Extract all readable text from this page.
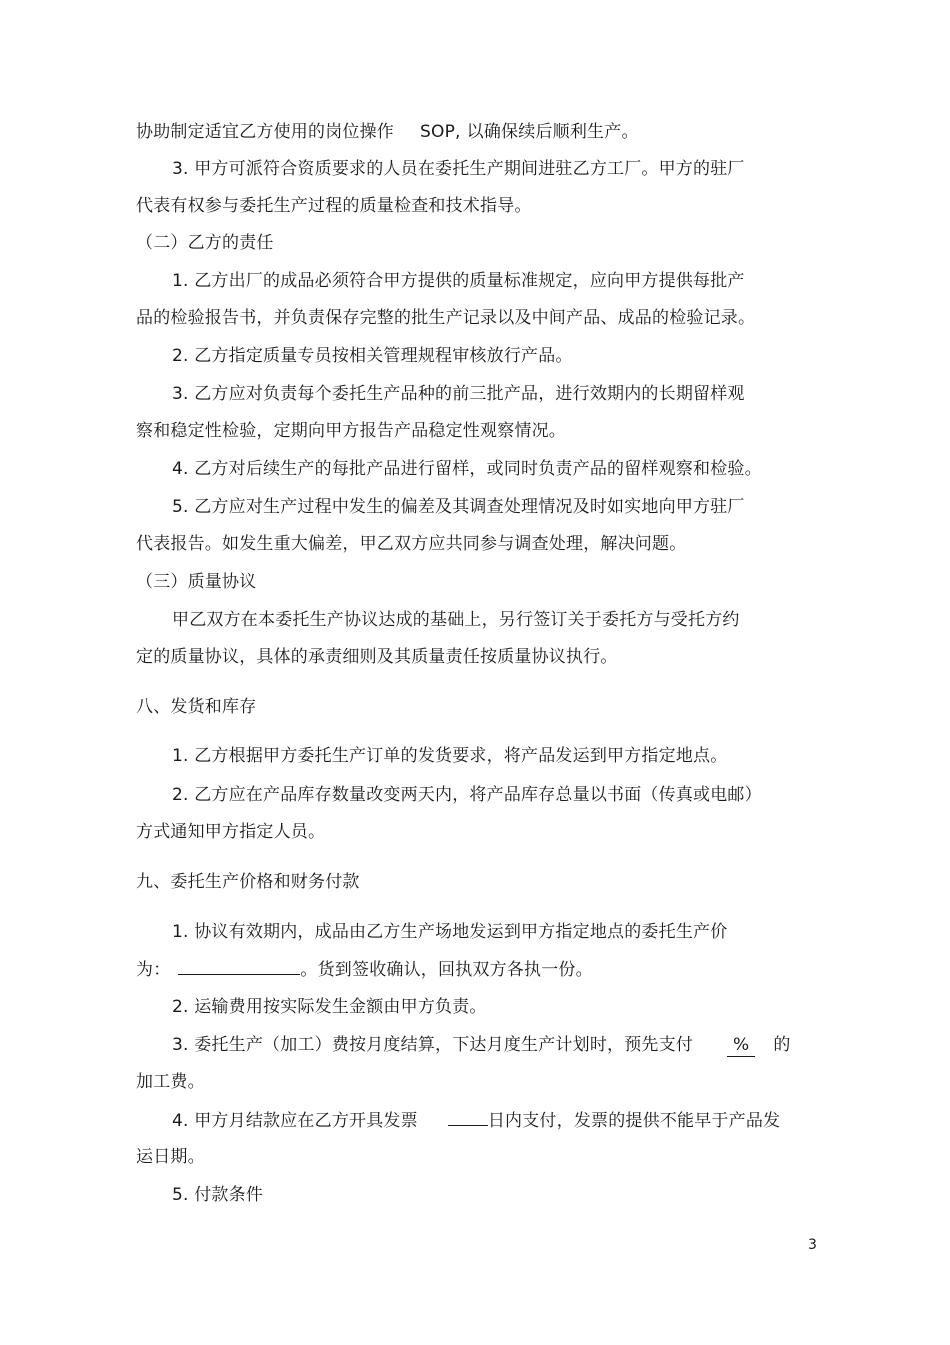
协助制定适宜乙方使用的岗位操作 SOP, 以确保续后顺利生产。
3. 甲方可派符合资质要求的人员在委托生产期间进驻乙方工厂。甲方的驻厂
代表有权参与委托生产过程的质量检查和技术指导。
（二）乙方的责任
1. 乙方出厂的成品必须符合甲方提供的质量标准规定，应向甲方提供每批产
品的检验报告书，并负责保存完整的批生产记录以及中间产品、成品的检验记录。
2. 乙方指定质量专员按相关管理规程审核放行产品。
3. 乙方应对负责每个委托生产品种的前三批产品，进行效期内的长期留样观
察和稳定性检验，定期向甲方报告产品稳定性观察情况。
4. 乙方对后续生产的每批产品进行留样，或同时负责产品的留样观察和检验。
5. 乙方应对生产过程中发生的偏差及其调查处理情况及时如实地向甲方驻厂
代表报告。如发生重大偏差，甲乙双方应共同参与调查处理，解决问题。
（三）质量协议
甲乙双方在本委托生产协议达成的基础上，另行签订关于委托方与受托方约
定的质量协议，具体的承责细则及其质量责任按质量协议执行。
八、发货和库存
1. 乙方根据甲方委托生产订单的发货要求，将产品发运到甲方指定地点。
2. 乙方应在产品库存数量改变两天内，将产品库存总量以书面（传真或电邮）
方式通知甲方指定人员。
九、委托生产价格和财务付款
1. 协议有效期内，成品由乙方生产场地发运到甲方指定地点的委托生产价
为：	。货到签收确认，回执双方各执一份。
2. 运输费用按实际发生金额由甲方负责。
3. 委托生产（加工）费按月度结算，下达月度生产计划时，预先支付 % 的
加工费。
4. 甲方月结款应在乙方开具发票	日内支付，发票的提供不能早于产品发
运日期。
5. 付款条件
3
